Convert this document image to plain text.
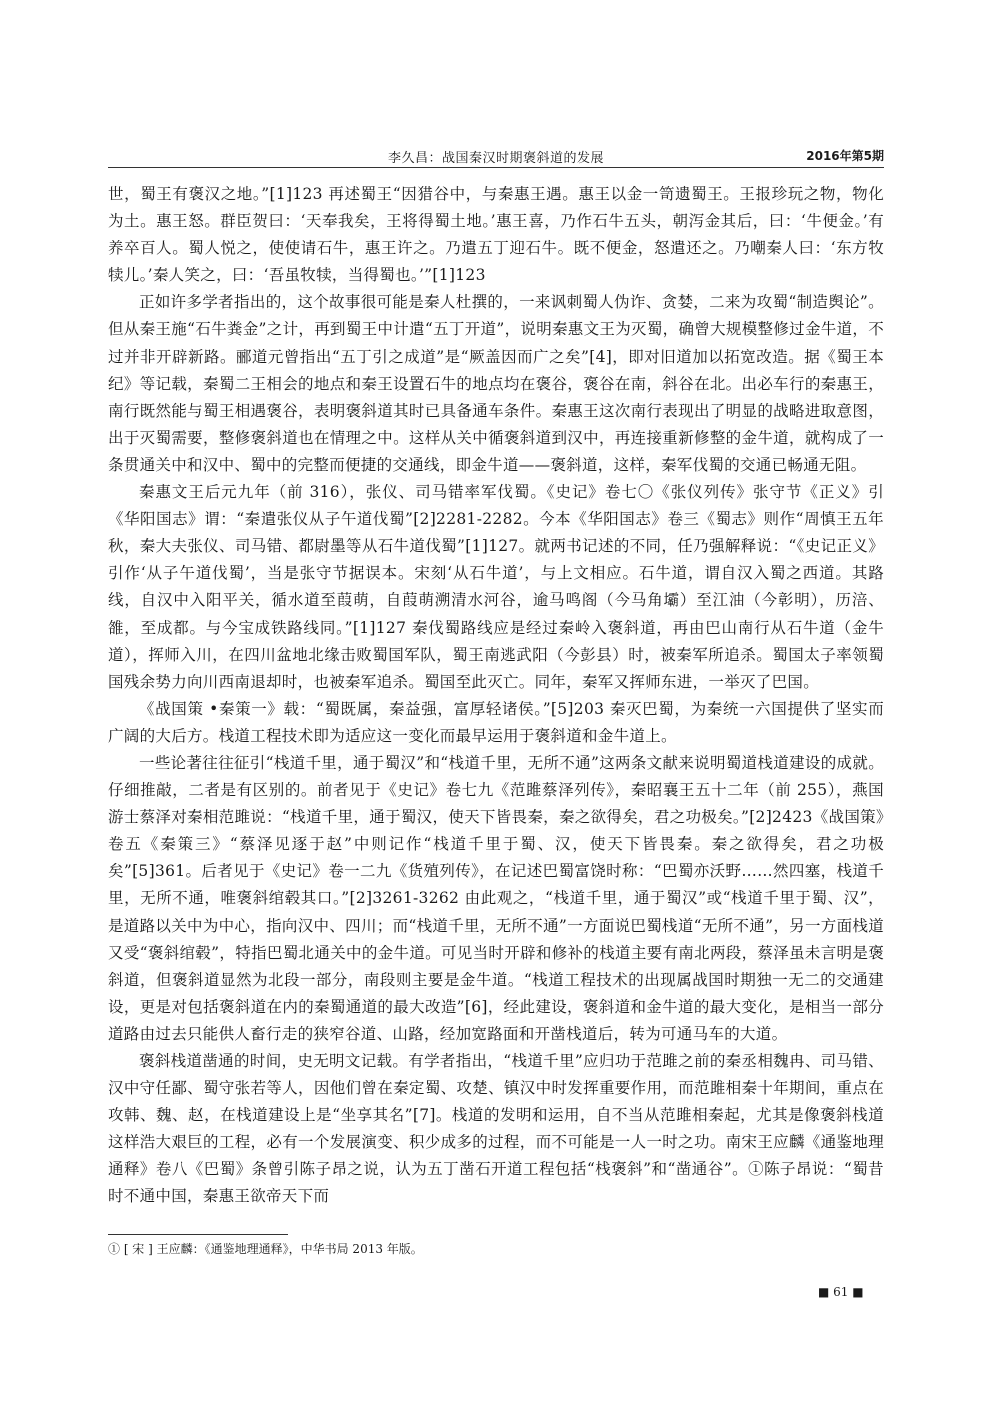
李久昌：战国秦汉时期褒斜道的发展	2016年第5期

世，蜀王有褒汉之地。”[1]123 再述蜀王“因猎谷中，与秦惠王遇。惠王以金一笥遗蜀王。王报珍玩之物，物化为土。惠王怒。群臣贺曰：‘天奉我矣，王将得蜀土地。’惠王喜，乃作石牛五头，朝泻金其后，曰：‘牛便金。’有养卒百人。蜀人悦之，使使请石牛，惠王许之。乃遣五丁迎石牛。既不便金，怒遣还之。乃嘲秦人曰：‘东方牧犊儿。’秦人笑之，曰：‘吾虽牧犊，当得蜀也。’”[1]123

正如许多学者指出的，这个故事很可能是秦人杜撰的，一来讽刺蜀人伪诈、贪婪，二来为攻蜀“制造舆论”。但从秦王施“石牛粪金”之计，再到蜀王中计遣“五丁开道”，说明秦惠文王为灭蜀，确曾大规模整修过金牛道，不过并非开辟新路。郦道元曾指出“五丁引之成道”是“厥盖因而广之矣”[4]，即对旧道加以拓宽改造。据《蜀王本纪》等记载，秦蜀二王相会的地点和秦王设置石牛的地点均在褒谷，褒谷在南，斜谷在北。出必车行的秦惠王，南行既然能与蜀王相遇褒谷，表明褒斜道其时已具备通车条件。秦惠王这次南行表现出了明显的战略进取意图，出于灭蜀需要，整修褒斜道也在情理之中。这样从关中循褒斜道到汉中，再连接重新修整的金牛道，就构成了一条贯通关中和汉中、蜀中的完整而便捷的交通线，即金牛道——褒斜道，这样，秦军伐蜀的交通已畅通无阻。

秦惠文王后元九年（前 316），张仪、司马错率军伐蜀。《史记》卷七〇《张仪列传》张守节《正义》引《华阳国志》谓：“秦遣张仪从子午道伐蜀”[2]2281-2282。今本《华阳国志》卷三《蜀志》则作“周慎王五年秋，秦大夫张仪、司马错、都尉墨等从石牛道伐蜀”[1]127。就两书记述的不同，任乃强解释说：“《史记正义》引作‘从子午道伐蜀’，当是张守节据误本。宋刻‘从石牛道’，与上文相应。石牛道，谓自汉入蜀之西道。其路线，自汉中入阳平关，循水道至葭萌，自葭萌溯清水河谷，逾马鸣阁（今马角壩）至江油（今彰明），历涪、雒，至成都。与今宝成铁路线同。”[1]127 秦伐蜀路线应是经过秦岭入褒斜道，再由巴山南行从石牛道（金牛道），挥师入川，在四川盆地北缘击败蜀国军队，蜀王南逃武阳（今彭县）时，被秦军所追杀。蜀国太子率领蜀国残余势力向川西南退却时，也被秦军追杀。蜀国至此灭亡。同年，秦军又挥师东进，一举灭了巴国。

《战国策 •秦策一》载：“蜀既属，秦益强，富厚轻诸侯。”[5]203 秦灭巴蜀，为秦统一六国提供了坚实而广阔的大后方。栈道工程技术即为适应这一变化而最早运用于褒斜道和金牛道上。

一些论著往往征引“栈道千里，通于蜀汉”和“栈道千里，无所不通”这两条文献来说明蜀道栈道建设的成就。仔细推敲，二者是有区别的。前者见于《史记》卷七九《范雎蔡泽列传》，秦昭襄王五十二年（前 255），燕国游士蔡泽对秦相范雎说：“栈道千里，通于蜀汉，使天下皆畏秦，秦之欲得矣，君之功极矣。”[2]2423《战国策》卷五《秦策三》“蔡泽见逐于赵”中则记作“栈道千里于蜀、汉，使天下皆畏秦。秦之欲得矣，君之功极矣”[5]361。后者见于《史记》卷一二九《货殖列传》，在记述巴蜀富饶时称：“巴蜀亦沃野……然四塞，栈道千里，无所不通，唯褒斜绾毂其口。”[2]3261-3262 由此观之，“栈道千里，通于蜀汉”或“栈道千里于蜀、汉”，是道路以关中为中心，指向汉中、四川；而“栈道千里，无所不通”一方面说巴蜀栈道“无所不通”，另一方面栈道又受“褒斜绾毂”，特指巴蜀北通关中的金牛道。可见当时开辟和修补的栈道主要有南北两段，蔡泽虽未言明是褒斜道，但褒斜道显然为北段一部分，南段则主要是金牛道。“栈道工程技术的出现属战国时期独一无二的交通建设，更是对包括褒斜道在内的秦蜀通道的最大改造”[6]，经此建设，褒斜道和金牛道的最大变化，是相当一部分道路由过去只能供人畜行走的狭窄谷道、山路，经加宽路面和开凿栈道后，转为可通马车的大道。

褒斜栈道凿通的时间，史无明文记载。有学者指出，“栈道千里”应归功于范雎之前的秦丞相魏冉、司马错、汉中守任鄙、蜀守张若等人，因他们曾在秦定蜀、攻楚、镇汉中时发挥重要作用，而范雎相秦十年期间，重点在攻韩、魏、赵，在栈道建设上是“坐享其名”[7]。栈道的发明和运用，自不当从范雎相秦起，尤其是像褒斜栈道这样浩大艰巨的工程，必有一个发展演变、积少成多的过程，而不可能是一人一时之功。南宋王应麟《通鉴地理通释》卷八《巴蜀》条曾引陈子昂之说，认为五丁凿石开道工程包括“栈褒斜”和“凿通谷”。①陈子昂说：“蜀昔时不通中国，秦惠王欲帝天下而

① [ 宋 ] 王应麟：《通鉴地理通释》，中华书局 2013 年版。
■ 61 ■
